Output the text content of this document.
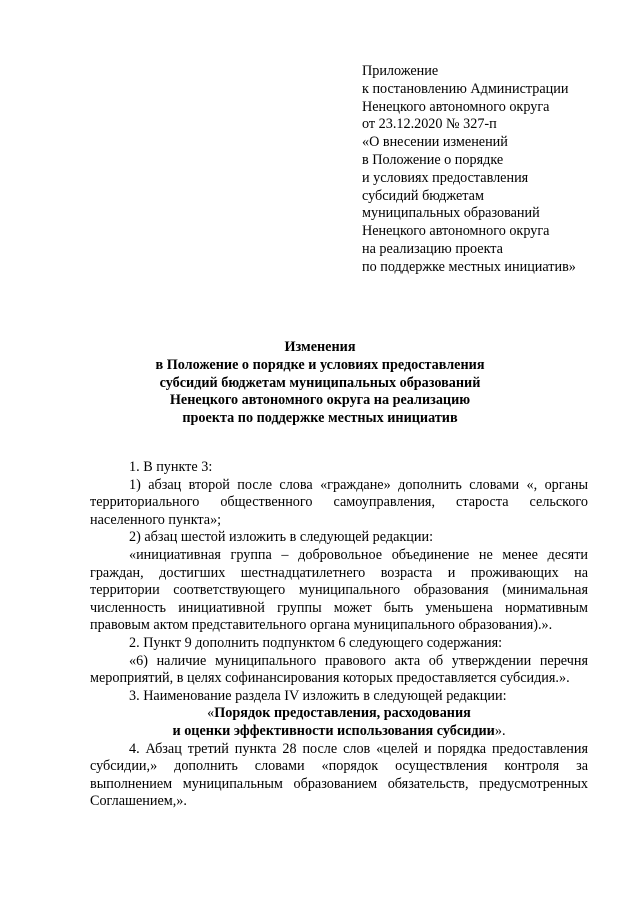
Приложение
к постановлению Администрации
Ненецкого автономного округа
от 23.12.2020 № 327-п
«О внесении изменений
в Положение о порядке
и условиях предоставления
субсидий бюджетам
муниципальных образований
Ненецкого автономного округа
на реализацию проекта
по поддержке местных инициатив»
Изменения
в Положение о порядке и условиях предоставления
субсидий бюджетам муниципальных образований
Ненецкого автономного округа на реализацию
проекта по поддержке местных инициатив
1. В пункте 3:
1) абзац второй после слова «граждане» дополнить словами «, органы территориального общественного самоуправления, староста сельского населенного пункта»;
2) абзац шестой изложить в следующей редакции:
«инициативная группа – добровольное объединение не менее десяти граждан, достигших шестнадцатилетнего возраста и проживающих на территории соответствующего муниципального образования (минимальная численность инициативной группы может быть уменьшена нормативным правовым актом представительного органа муниципального образования).».
2. Пункт 9 дополнить подпунктом 6 следующего содержания:
«6) наличие муниципального правового акта об утверждении перечня мероприятий, в целях софинансирования которых предоставляется субсидия.».
3. Наименование раздела IV изложить в следующей редакции:
«Порядок предоставления, расходования
и оценки эффективности использования субсидии».
4. Абзац третий пункта 28 после слов «целей и порядка предоставления субсидии,» дополнить словами «порядок осуществления контроля за выполнением муниципальным образованием обязательств, предусмотренных Соглашением,».
